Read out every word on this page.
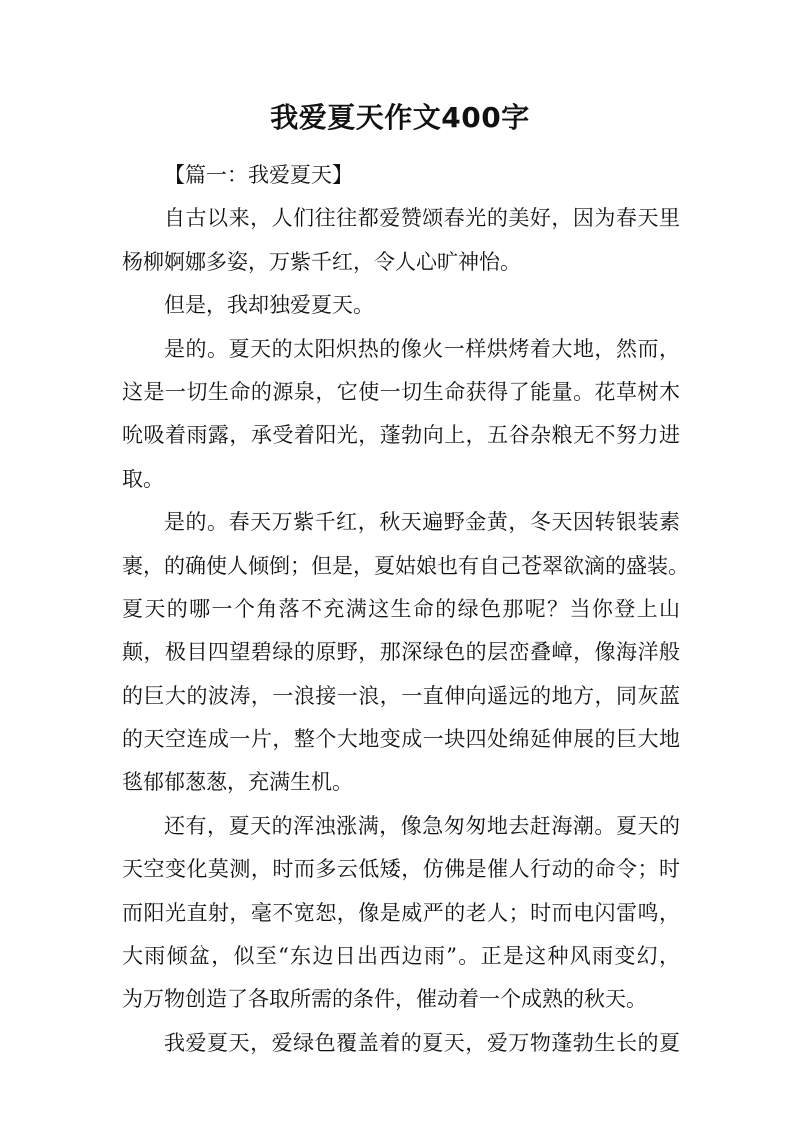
我爱夏天作文400字
【篇一：我爱夏天】
自古以来，人们往往都爱赞颂春光的美好，因为春天里
杨柳婀娜多姿，万紫千红，令人心旷神怡。
但是，我却独爱夏天。
是的。夏天的太阳炽热的像火一样烘烤着大地，然而，
这是一切生命的源泉，它使一切生命获得了能量。花草树木
吮吸着雨露，承受着阳光，蓬勃向上，五谷杂粮无不努力进
取。
是的。春天万紫千红，秋天遍野金黄，冬天因转银装素
裹，的确使人倾倒；但是，夏姑娘也有自己苍翠欲滴的盛装。
夏天的哪一个角落不充满这生命的绿色那呢？当你登上山
颠，极目四望碧绿的原野，那深绿色的层峦叠嶂，像海洋般
的巨大的波涛，一浪接一浪，一直伸向遥远的地方，同灰蓝
的天空连成一片，整个大地变成一块四处绵延伸展的巨大地
毯郁郁葱葱，充满生机。
还有，夏天的浑浊涨满，像急匆匆地去赶海潮。夏天的
天空变化莫测，时而多云低矮，仿佛是催人行动的命令；时
而阳光直射，毫不宽恕，像是威严的老人；时而电闪雷鸣，
大雨倾盆，似至“东边日出西边雨”。正是这种风雨变幻，
为万物创造了各取所需的条件，催动着一个成熟的秋天。
我爱夏天，爱绿色覆盖着的夏天，爱万物蓬勃生长的夏
